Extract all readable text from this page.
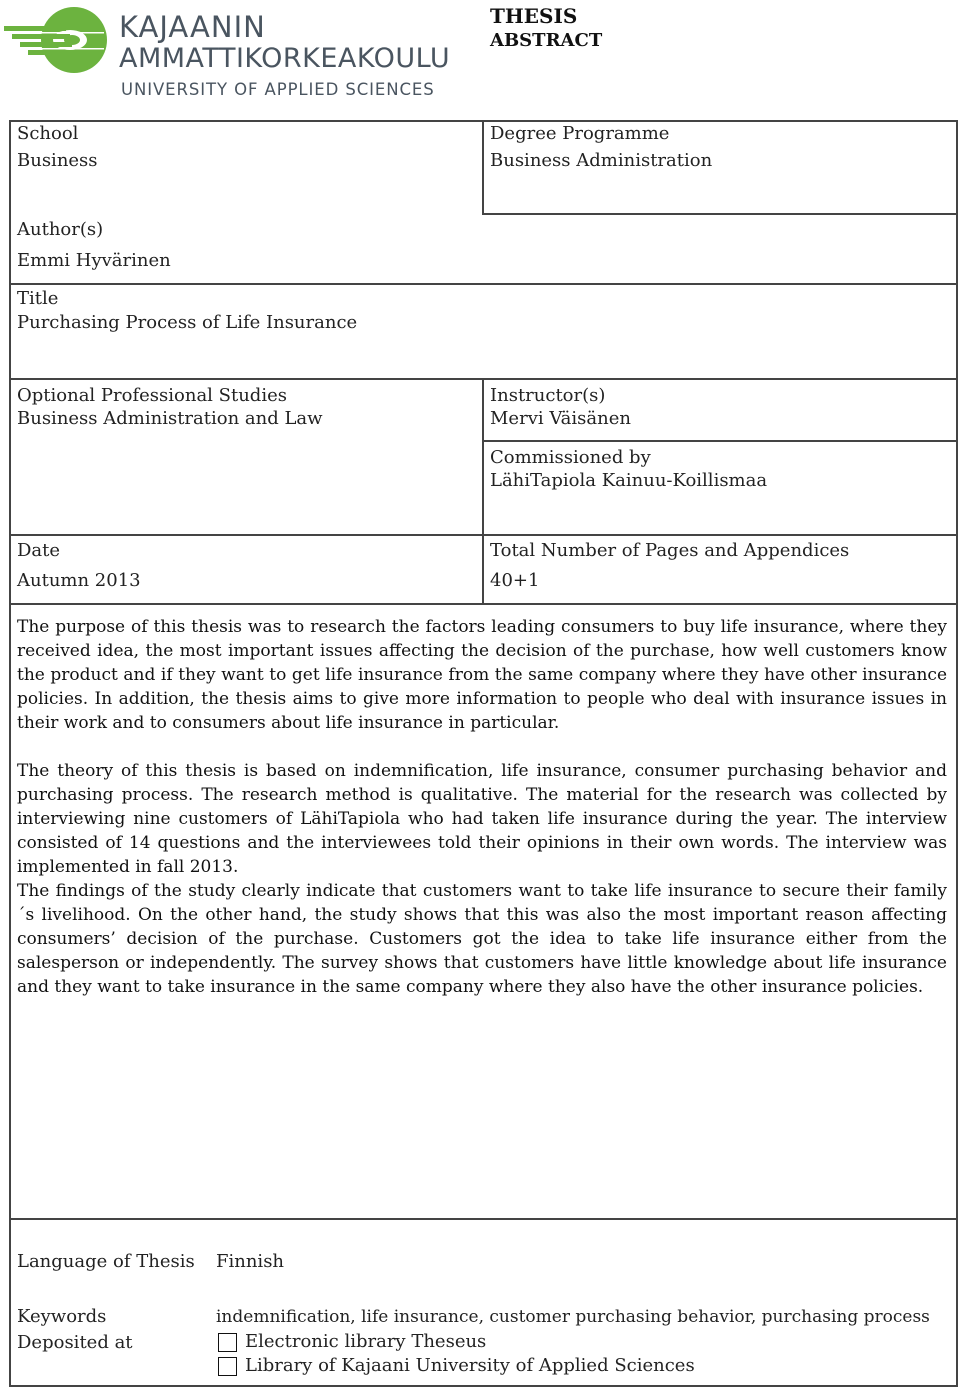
KAJAANIN
AMMATTIKORKEAKOULU
UNIVERSITY OF APPLIED SCIENCES
THESIS
ABSTRACT
School
Business
Degree Programme
Business Administration
Author(s)
Emmi Hyvärinen
Title
Purchasing Process of Life Insurance
Optional Professional Studies
Business Administration and Law
Instructor(s)
Mervi Väisänen
Commissioned by
LähiTapiola Kainuu-Koillismaa
Date
Autumn 2013
Total Number of Pages and Appendices
40+1
The purpose of this thesis was to research the factors leading consumers to buy life insurance, where they received idea, the most important issues affecting the decision of the purchase, how well customers know the product and if they want to get life insurance from the same company where they have other insurance policies. In addition, the thesis aims to give more information to people who deal with insurance issues in their work and to consumers about life insurance in particular.
The theory of this thesis is based on indemnification, life insurance, consumer purchasing behavior and purchasing process. The research method is qualitative. The material for the research was collected by interviewing nine customers of LähiTapiola who had taken life insurance during the year. The interview consisted of 14 questions and the interviewees told their opinions in their own words. The interview was implemented in fall 2013.
The findings of the study clearly indicate that customers want to take life insurance to secure their family´s livelihood. On the other hand, the study shows that this was also the most important reason affecting consumers’ decision of the purchase. Customers got the idea to take life insurance either from the salesperson or independently. The survey shows that customers have little knowledge about life insurance and they want to take insurance in the same company where they also have the other insurance policies.
Language of Thesis Finnish
Keywords	indemnification, life insurance, customer purchasing behavior, purchasing process
Deposited at	Electronic library Theseus
Library of Kajaani University of Applied Sciences
